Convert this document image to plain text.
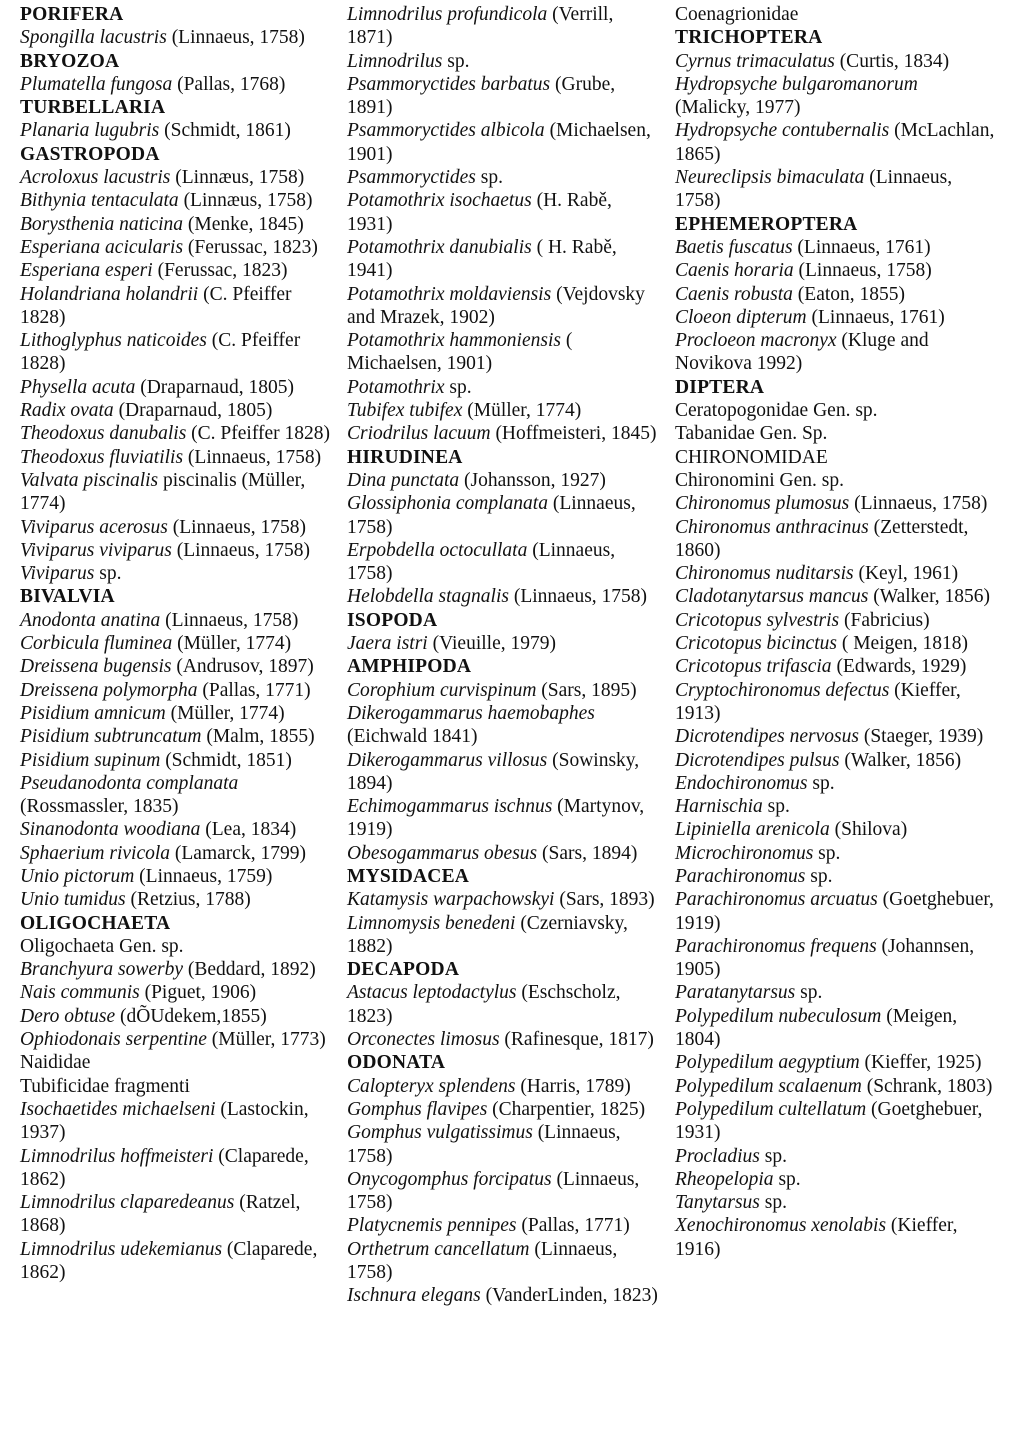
PORIFERA

Spongilla lacustris (Linnaeus, 1758)

BRYOZOA

Plumatella fungosa (Pallas, 1768)

TURBELLARIA

Planaria lugubris (Schmidt, 1861)

GASTROPODA

Acroloxus lacustris (Linnæus, 1758)

Bithynia tentaculata (Linnæus, 1758)

Borysthenia naticina (Menke, 1845)

Esperiana acicularis (Ferussac, 1823)

Esperiana esperi (Ferussac, 1823)

Holandriana holandrii (C. Pfeiffer 1828)

Lithoglyphus naticoides (C. Pfeiffer 1828)

Physella acuta (Draparnaud, 1805)

Radix ovata (Draparnaud, 1805)

Theodoxus danubalis (C. Pfeiffer 1828)

Theodoxus fluviatilis (Linnaeus, 1758)

Valvata piscinalis piscinalis (Müller, 1774)

Viviparus acerosus (Linnaeus, 1758)

Viviparus viviparus (Linnaeus, 1758)

Viviparus sp.

BIVALVIA

Anodonta anatina (Linnaeus, 1758)

Corbicula fluminea (Müller, 1774)

Dreissena bugensis (Andrusov, 1897)

Dreissena polymorpha (Pallas, 1771)

Pisidium amnicum (Müller, 1774)

Pisidium subtruncatum (Malm, 1855)

Pisidium supinum (Schmidt, 1851)

Pseudanodonta complanata (Rossmassler, 1835)

Sinanodonta woodiana (Lea, 1834)

Sphaerium rivicola (Lamarck, 1799)

Unio pictorum (Linnaeus, 1759)

Unio tumidus (Retzius, 1788)

OLIGOCHAETA

Oligochaeta Gen. sp.

Branchyura sowerby (Beddard, 1892)

Nais communis (Piguet, 1906)

Dero obtuse (dÕUdekem,1855)

Ophiodonais serpentine (Müller, 1773)

Naididae

Tubificidae fragmenti

Isochaetides michaelseni (Lastockin, 1937)

Limnodrilus hoffmeisteri (Claparede, 1862)

Limnodrilus claparedeanus (Ratzel, 1868)

Limnodrilus udekemianus (Claparede, 1862)

Limnodrilus profundicola (Verrill, 1871)

Limnodrilus sp.

Psammoryctides barbatus (Grube, 1891)

Psammoryctides albicola (Michaelsen, 1901)

Psammoryctides sp.

Potamothrix isochaetus (H. Rabě, 1931)

Potamothrix danubialis ( H. Rabě, 1941)

Potamothrix moldaviensis (Vejdovsky and Mrazek, 1902)

Potamothrix hammoniensis ( Michaelsen, 1901)

Potamothrix sp.

Tubifex tubifex (Müller, 1774)

Criodrilus lacuum (Hoffmeisteri, 1845)

HIRUDINEA

Dina punctata (Johansson, 1927)

Glossiphonia complanata (Linnaeus, 1758)

Erpobdella octocullata (Linnaeus, 1758)

Helobdella stagnalis (Linnaeus, 1758)

ISOPODA

Jaera istri (Vieuille, 1979)

AMPHIPODA

Corophium curvispinum (Sars, 1895)

Dikerogammarus haemobaphes (Eichwald 1841)

Dikerogammarus villosus (Sowinsky, 1894)

Echimogammarus ischnus (Martynov, 1919)

Obesogammarus obesus (Sars, 1894)

MYSIDACEA

Katamysis warpachowskyi (Sars, 1893)

Limnomysis benedeni (Czerniavsky, 1882)

DECAPODA

Astacus leptodactylus (Eschscholz, 1823)

Orconectes limosus (Rafinesque, 1817)

ODONATA

Calopteryx splendens (Harris, 1789)

Gomphus flavipes (Charpentier, 1825)

Gomphus vulgatissimus (Linnaeus, 1758)

Onycogomphus forcipatus (Linnaeus, 1758)

Platycnemis pennipes (Pallas, 1771)

Orthetrum cancellatum (Linnaeus, 1758)

Ischnura elegans (VanderLinden, 1823)

Coenagrionidae

TRICHOPTERA

Cyrnus trimaculatus (Curtis, 1834)

Hydropsyche bulgaromanorum (Malicky, 1977)

Hydropsyche contubernalis (McLachlan, 1865)

Neureclipsis bimaculata (Linnaeus, 1758)

EPHEMEROPTERA

Baetis fuscatus (Linnaeus, 1761)

Caenis horaria (Linnaeus, 1758)

Caenis robusta (Eaton, 1855)

Cloeon dipterum (Linnaeus, 1761)

Procloeon macronyx (Kluge and Novikova 1992)

DIPTERA

Ceratopogonidae Gen. sp.

Tabanidae Gen. Sp.

CHIRONOMIDAE

Chironomini Gen. sp.

Chironomus plumosus (Linnaeus, 1758)

Chironomus anthracinus (Zetterstedt, 1860)

Chironomus nuditarsis (Keyl, 1961)

Cladotanytarsus mancus (Walker, 1856)

Cricotopus sylvestris (Fabricius)

Cricotopus bicinctus ( Meigen, 1818)

Cricotopus trifascia (Edwards, 1929)

Cryptochironomus defectus (Kieffer, 1913)

Dicrotendipes nervosus (Staeger, 1939)

Dicrotendipes pulsus (Walker, 1856)

Endochironomus sp.

Harnischia sp.

Lipiniella arenicola (Shilova)

Microchironomus sp.

Parachironomus sp.

Parachironomus arcuatus (Goetghebuer, 1919)

Parachironomus frequens (Johannsen, 1905)

Paratanytarsus sp.

Polypedilum nubeculosum (Meigen, 1804)

Polypedilum aegyptium (Kieffer, 1925)

Polypedilum scalaenum (Schrank, 1803)

Polypedilum cultellatum (Goetghebuer, 1931)

Procladius sp.

Rheopelopia sp.

Tanytarsus sp.

Xenochironomus xenolabis (Kieffer, 1916)
